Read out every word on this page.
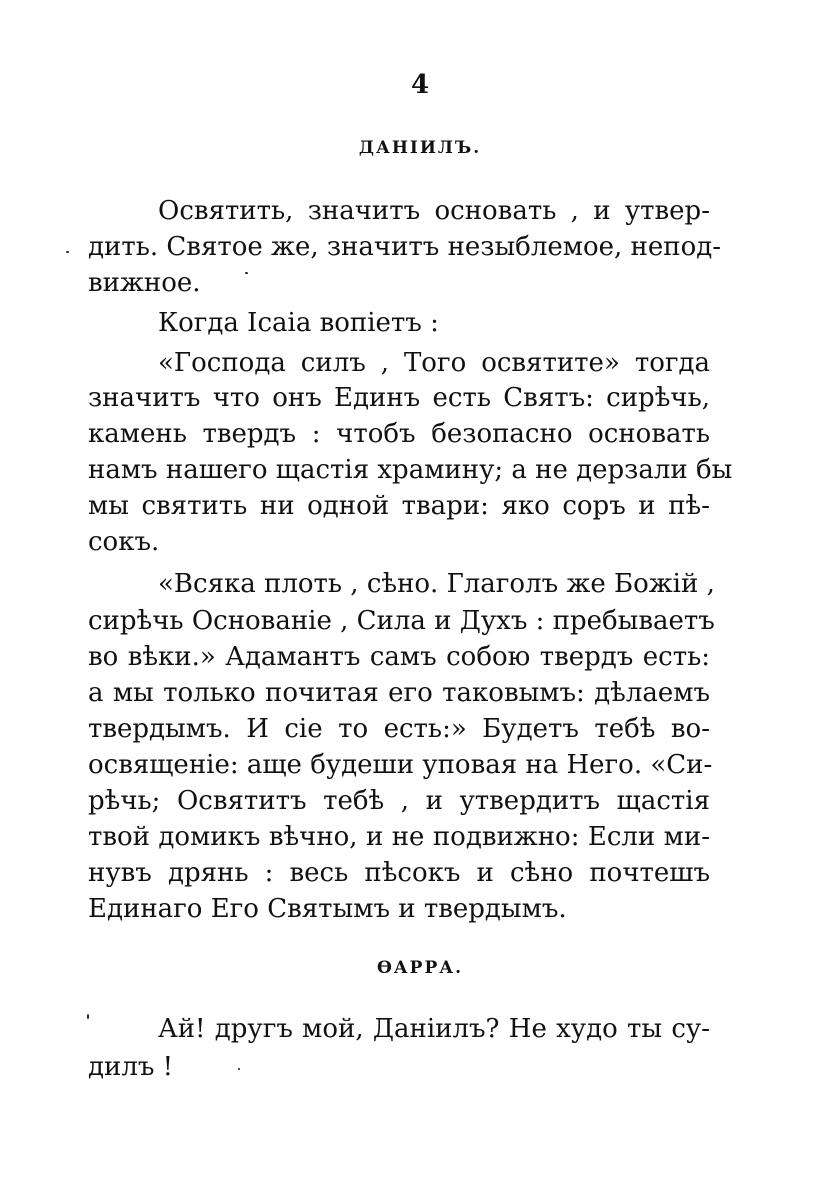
4
ДАНІИЛЪ.
Освятить, значитъ основать , и утвер-
дить. Святое же, значитъ незыблемое, непод-
вижное.
Когда Ісаіа вопіетъ :
«Господа силъ , Того освятите» тогда
значитъ что онъ Единъ есть Святъ: сирѣчь,
камень твердъ : чтобъ безопасно основать
намъ нашего щастія храмину; а не дерзали бы
мы святить ни одной твари: яко соръ и пѣ-
сокъ.
«Всяка плоть , сѣно. Глаголъ же Божій ,
сирѣчь Основаніе , Сила и Духъ : пребываетъ
во вѣки.» Адамантъ самъ собою твердъ есть:
а мы только почитая его таковымъ: дѣлаемъ
твердымъ. И сіе то есть:» Будетъ тебѣ во-
освященіе: аще будеши уповая на Него. «Си-
рѣчь; Освятитъ тебѣ , и утвердитъ щастія
твой домикъ вѣчно, и не подвижно: Если ми-
нувъ дрянь : весь пѣсокъ и сѣно почтешъ
Единаго Его Святымъ и твердымъ.
ѲАРРА.
Ай! другъ мой, Даніилъ? Не худо ты су-
дилъ !
